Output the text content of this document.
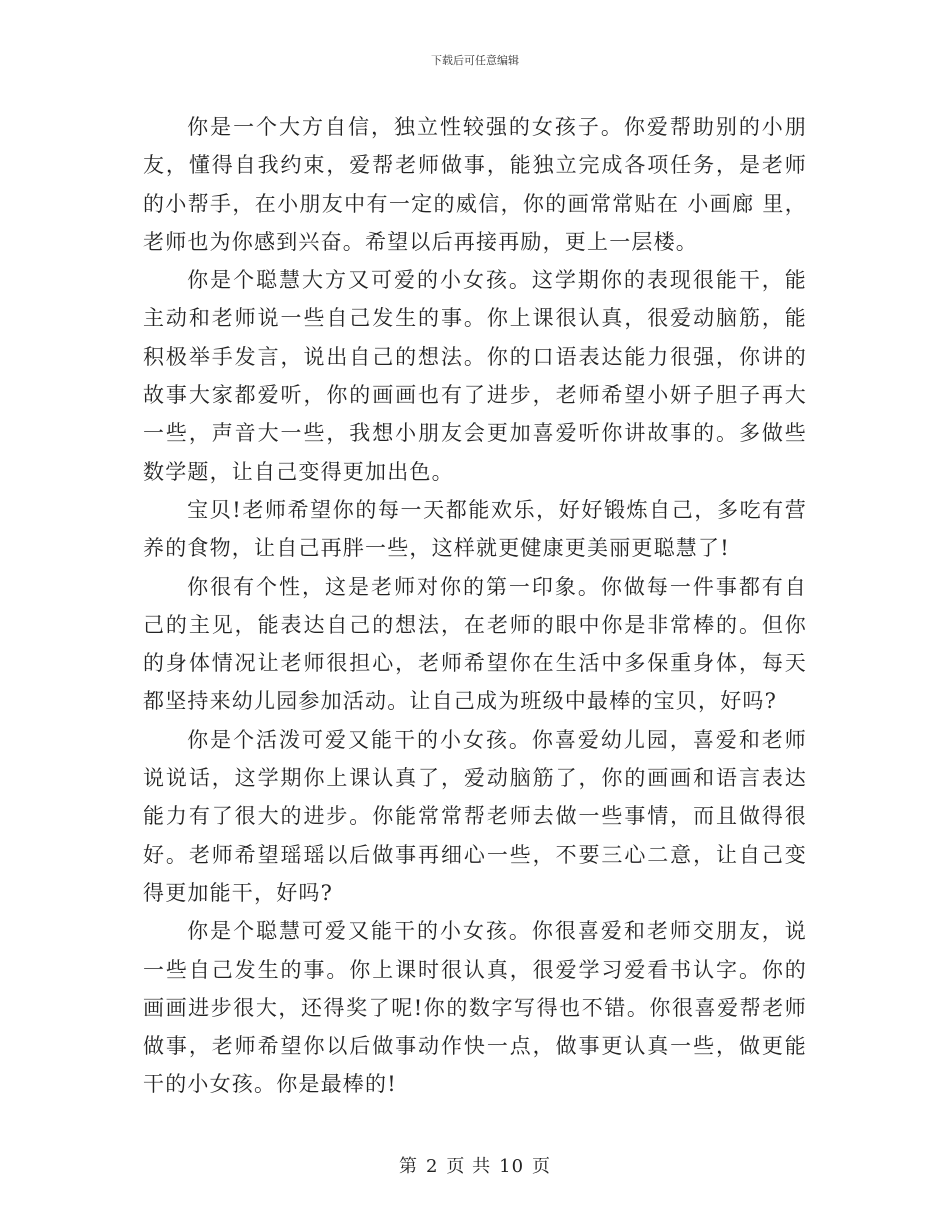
下载后可任意编辑

你是一个大方自信，独立性较强的女孩子。你爱帮助别的小朋友，懂得自我约束，爱帮老师做事，能独立完成各项任务，是老师的小帮手，在小朋友中有一定的威信，你的画常常贴在 小画廊 里，老师也为你感到兴奋。希望以后再接再励，更上一层楼。

你是个聪慧大方又可爱的小女孩。这学期你的表现很能干，能主动和老师说一些自己发生的事。你上课很认真，很爱动脑筋，能积极举手发言，说出自己的想法。你的口语表达能力很强，你讲的故事大家都爱听，你的画画也有了进步，老师希望小妍子胆子再大一些，声音大一些，我想小朋友会更加喜爱听你讲故事的。多做些数学题，让自己变得更加出色。

宝贝!老师希望你的每一天都能欢乐，好好锻炼自己，多吃有营养的食物，让自己再胖一些，这样就更健康更美丽更聪慧了!

你很有个性，这是老师对你的第一印象。你做每一件事都有自己的主见，能表达自己的想法，在老师的眼中你是非常棒的。但你的身体情况让老师很担心，老师希望你在生活中多保重身体，每天都坚持来幼儿园参加活动。让自己成为班级中最棒的宝贝，好吗?

你是个活泼可爱又能干的小女孩。你喜爱幼儿园，喜爱和老师说说话，这学期你上课认真了，爱动脑筋了，你的画画和语言表达能力有了很大的进步。你能常常帮老师去做一些事情，而且做得很好。老师希望瑶瑶以后做事再细心一些，不要三心二意，让自己变得更加能干，好吗?

你是个聪慧可爱又能干的小女孩。你很喜爱和老师交朋友，说一些自己发生的事。你上课时很认真，很爱学习爱看书认字。你的画画进步很大，还得奖了呢!你的数字写得也不错。你很喜爱帮老师做事，老师希望你以后做事动作快一点，做事更认真一些，做更能干的小女孩。你是最棒的!

第 2 页 共 10 页
